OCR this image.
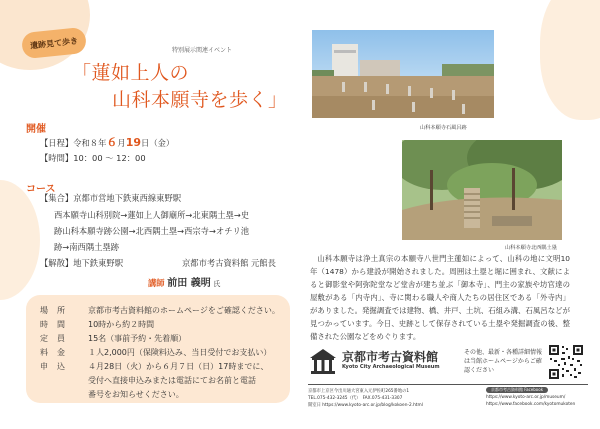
遺跡見て歩き
特別展示関連イベント
「蓮如上人の
山科本願寺を歩く」
開催
【日程】令和８年６月19日（金）
【時間】10：00 〜 12：00
コース
【集合】京都市営地下鉄東西線東野駅
西本願寺山科別院→蓮如上人御廟所→北東隅土塁→史
跡山科本願寺跡公園→北西隅土塁→西宗寺→オチリ池
跡→南西隅土塁跡
【解散】地下鉄東野駅	京都市考古資料館 元館長
講師 前田 義明 氏
場　所	京都市考古資料館のホームページをご確認ください。
時　間	10時から約２時間
定　員	15名（事前予約・先着順）
料　金	１人2,000円（保険料込み、当日受付でお支払い）
申　込	４月28日（火）から６月７日（日）17時までに、
受付へ直接申込みまたは電話にてお名前と電話
番号をお知らせください。
山科本願寺石風呂跡
山科本願寺北西隅土塁
山科本願寺は浄土真宗の本願寺八世門主蓮如によって、山科の地に文明10年（1478）から建設が開始されました。周囲は土塁と堀に囲まれ、文献によると御影堂や阿弥陀堂など堂舎が建ち並ぶ「御本寺」、門主の家族や坊官達の屋敷がある「内寺内」、寺に関わる職人や商人たちの居住区である「外寺内」がありました。発掘調査では建物、橋、井戸、土坑、石組み溝、石風呂などが見つかっています。今日、史跡として保存されている土塁や発掘調査の後、整備された公園などをめぐります。
京都市考古資料館
Kyoto City Archaeological Museum
その他、最新・各種詳細情報は当館ホームページからご確認ください
京都市上京区今出川通大宮東入元伊佐町265番地の1
TEL.075-432-3245（代）　FAX.075-431-3307
開室日 https://www.kyoto-arc.or.jp/blog/kokoen-2.html
京都市考古資料館 Facebook
https://www.kyoto-arc.or.jp/museum/
https://www.facebook.com/kyotomukoten
